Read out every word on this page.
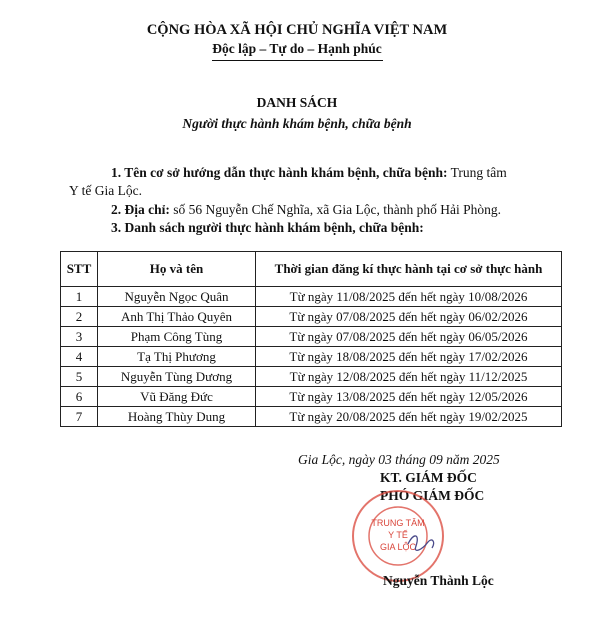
CỘNG HÒA XÃ HỘI CHỦ NGHĨA VIỆT NAM
Độc lập – Tự do – Hạnh phúc
DANH SÁCH
Người thực hành khám bệnh, chữa bệnh
1. Tên cơ sở hướng dẫn thực hành khám bệnh, chữa bệnh: Trung tâm
Y tế Gia Lộc.
2. Địa chỉ: số 56 Nguyễn Chế Nghĩa, xã Gia Lộc, thành phố Hải Phòng.
3. Danh sách người thực hành khám bệnh, chữa bệnh:
STT	Họ và tên	Thời gian đăng kí thực hành tại cơ sở thực hành
1	Nguyễn Ngọc Quân	Từ ngày 11/08/2025 đến hết ngày 10/08/2026
2	Anh Thị Thảo Quyên	Từ ngày 07/08/2025 đến hết ngày 06/02/2026
3	Phạm Công Tùng	Từ ngày 07/08/2025 đến hết ngày 06/05/2026
4	Tạ Thị Phương	Từ ngày 18/08/2025 đến hết ngày 17/02/2026
5	Nguyễn Tùng Dương	Từ ngày 12/08/2025 đến hết ngày 11/12/2025
6	Vũ Đăng Đức	Từ ngày 13/08/2025 đến hết ngày 12/05/2026
7	Hoàng Thùy Dung	Từ ngày 20/08/2025 đến hết ngày 19/02/2025
Gia Lộc, ngày 03 tháng 09 năm 2025
KT. GIÁM ĐỐC
PHÓ GIÁM ĐỐC
TRUNG TÂM
Y TẾ
GIA LỘC
Nguyễn Thành Lộc
